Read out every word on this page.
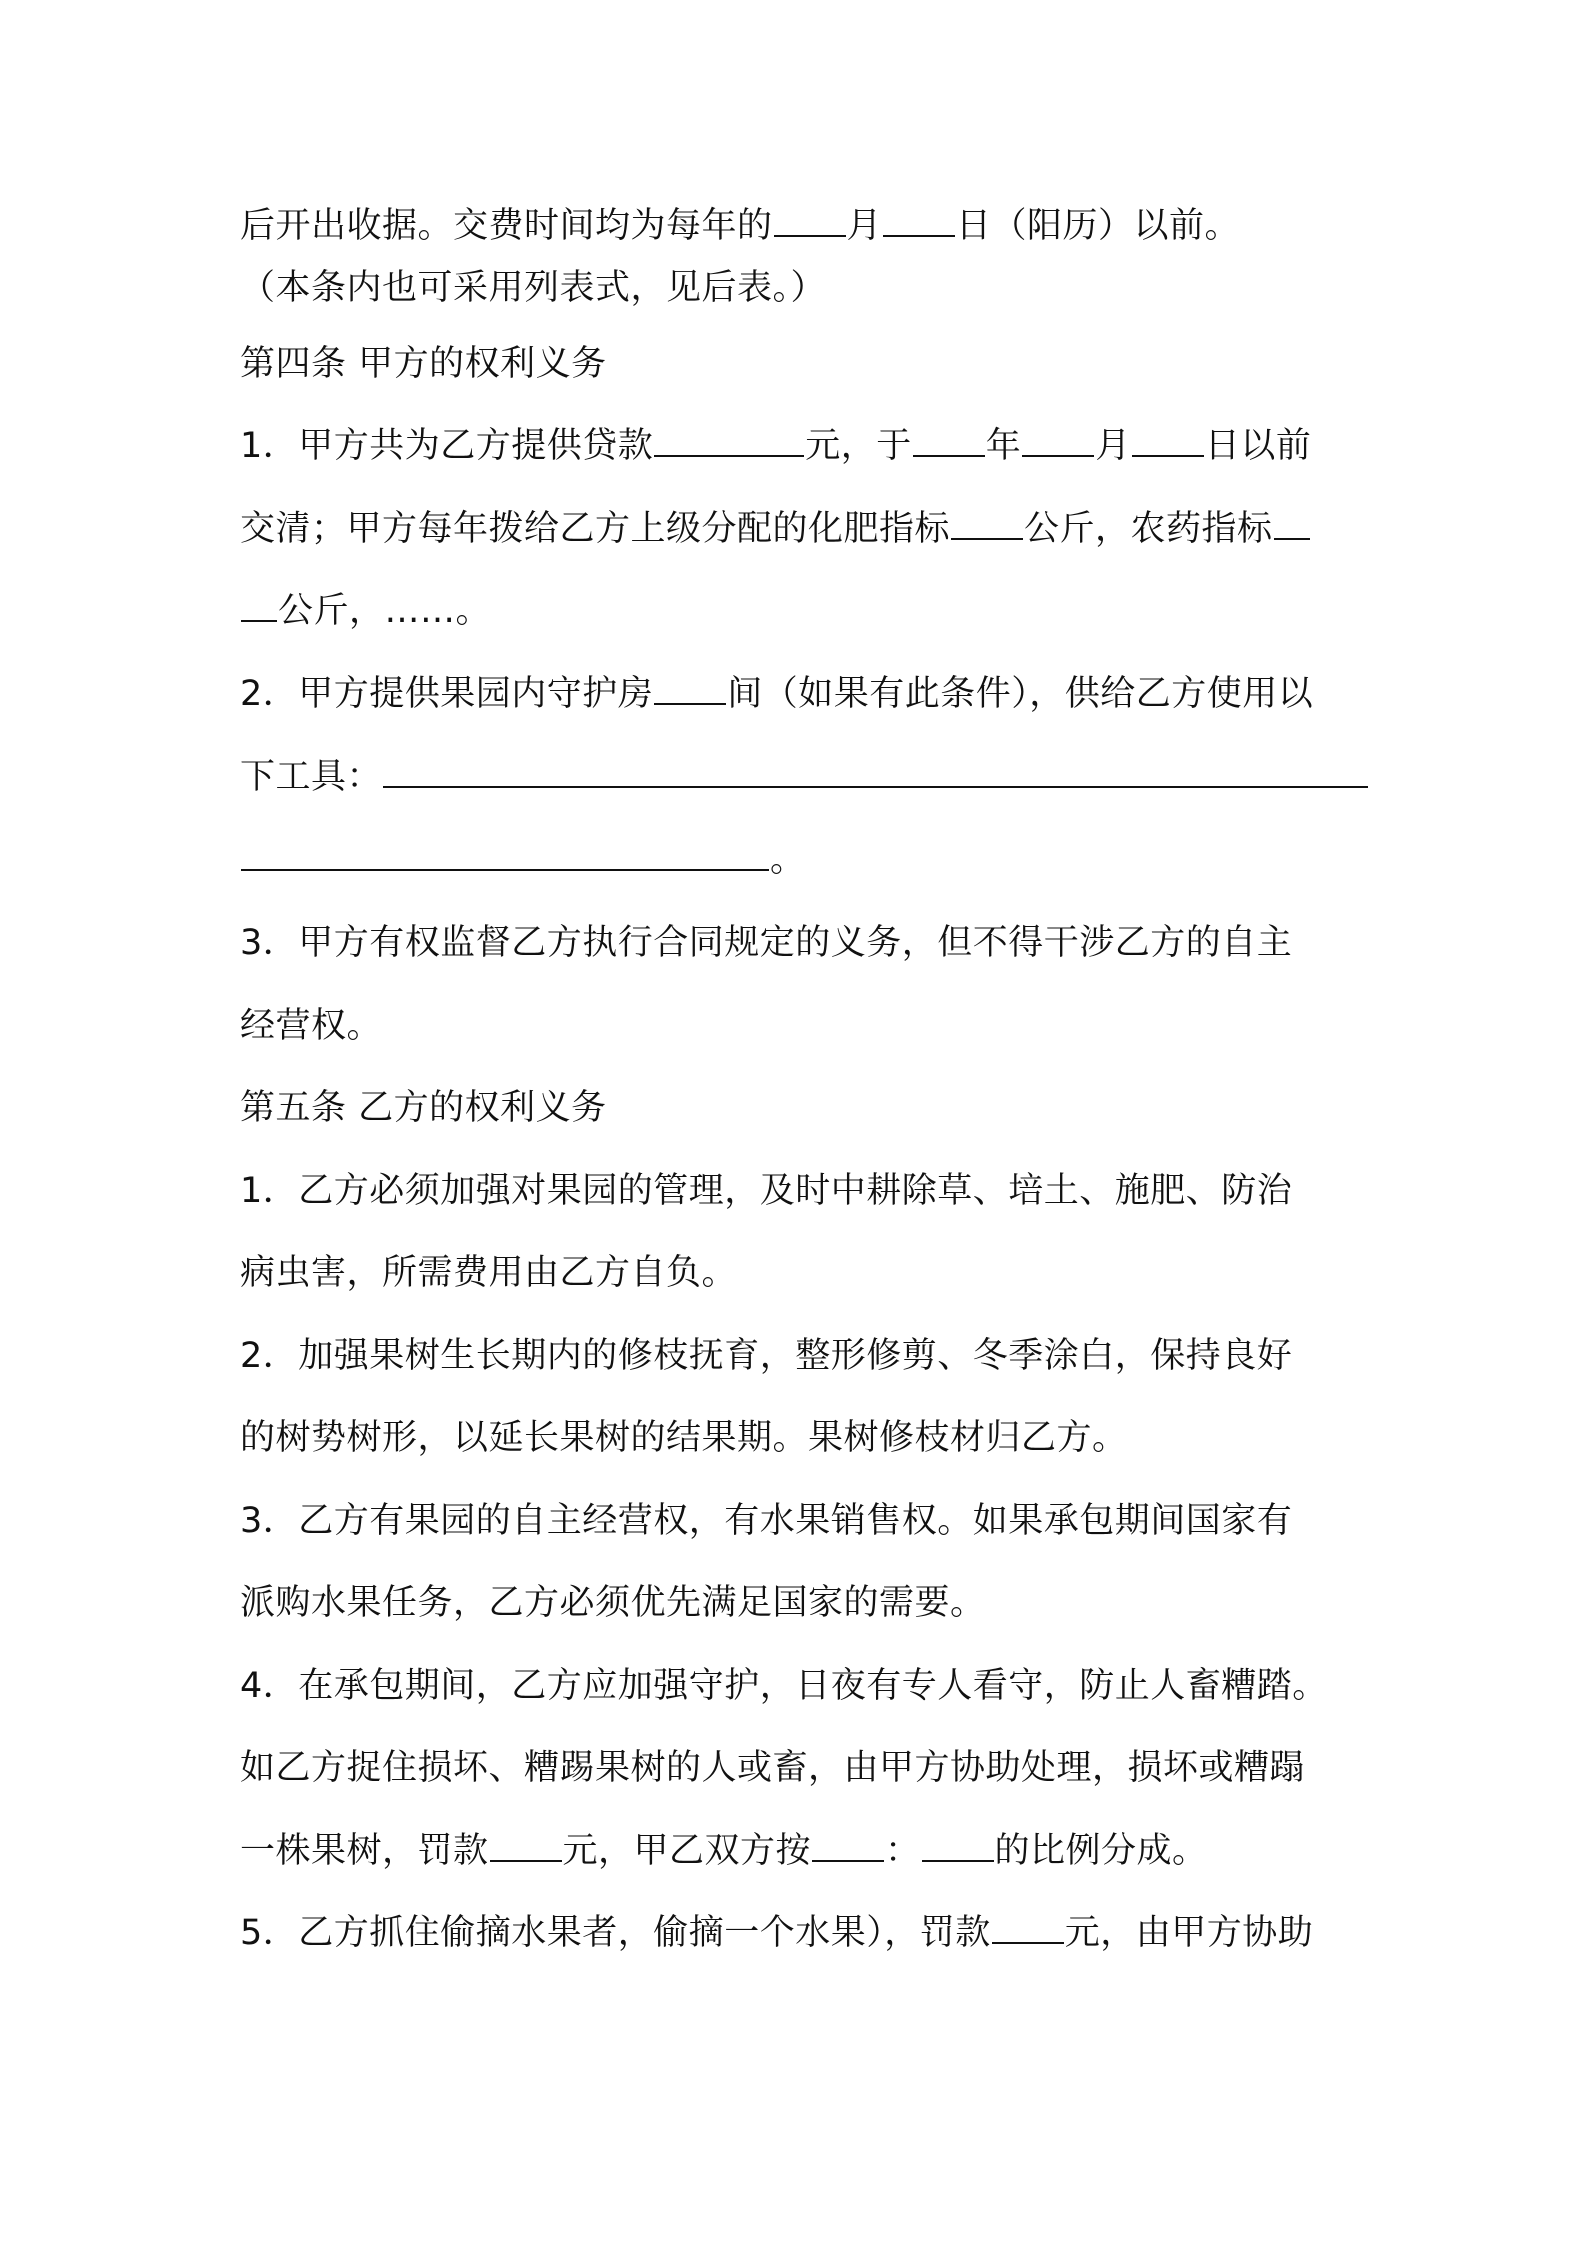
后开出收据。交费时间均为每年的 月 日（阳历）以前。
（本条内也可采用列表式，见后表。）
第四条 甲方的权利义务
1．甲方共为乙方提供贷款	元，于 年 月 日以前
交清；甲方每年拨给乙方上级分配的化肥指标 公斤，农药指标
公斤，……。
2．甲方提供果园内守护房 间（如果有此条件），供给乙方使用以
下工具：
。
3．甲方有权监督乙方执行合同规定的义务，但不得干涉乙方的自主
经营权。
第五条 乙方的权利义务
1．乙方必须加强对果园的管理，及时中耕除草、培土、施肥、防治
病虫害，所需费用由乙方自负。
2．加强果树生长期内的修枝抚育，整形修剪、冬季涂白，保持良好
的树势树形，以延长果树的结果期。果树修枝材归乙方。
3．乙方有果园的自主经营权，有水果销售权。如果承包期间国家有
派购水果任务，乙方必须优先满足国家的需要。
4．在承包期间，乙方应加强守护，日夜有专人看守，防止人畜糟踏。
如乙方捉住损坏、糟踢果树的人或畜，由甲方协助处理，损坏或糟蹋
一株果树，罚款 元，甲乙双方按 ： 的比例分成。
5．乙方抓住偷摘水果者，偷摘一个水果），罚款 元，由甲方协助
